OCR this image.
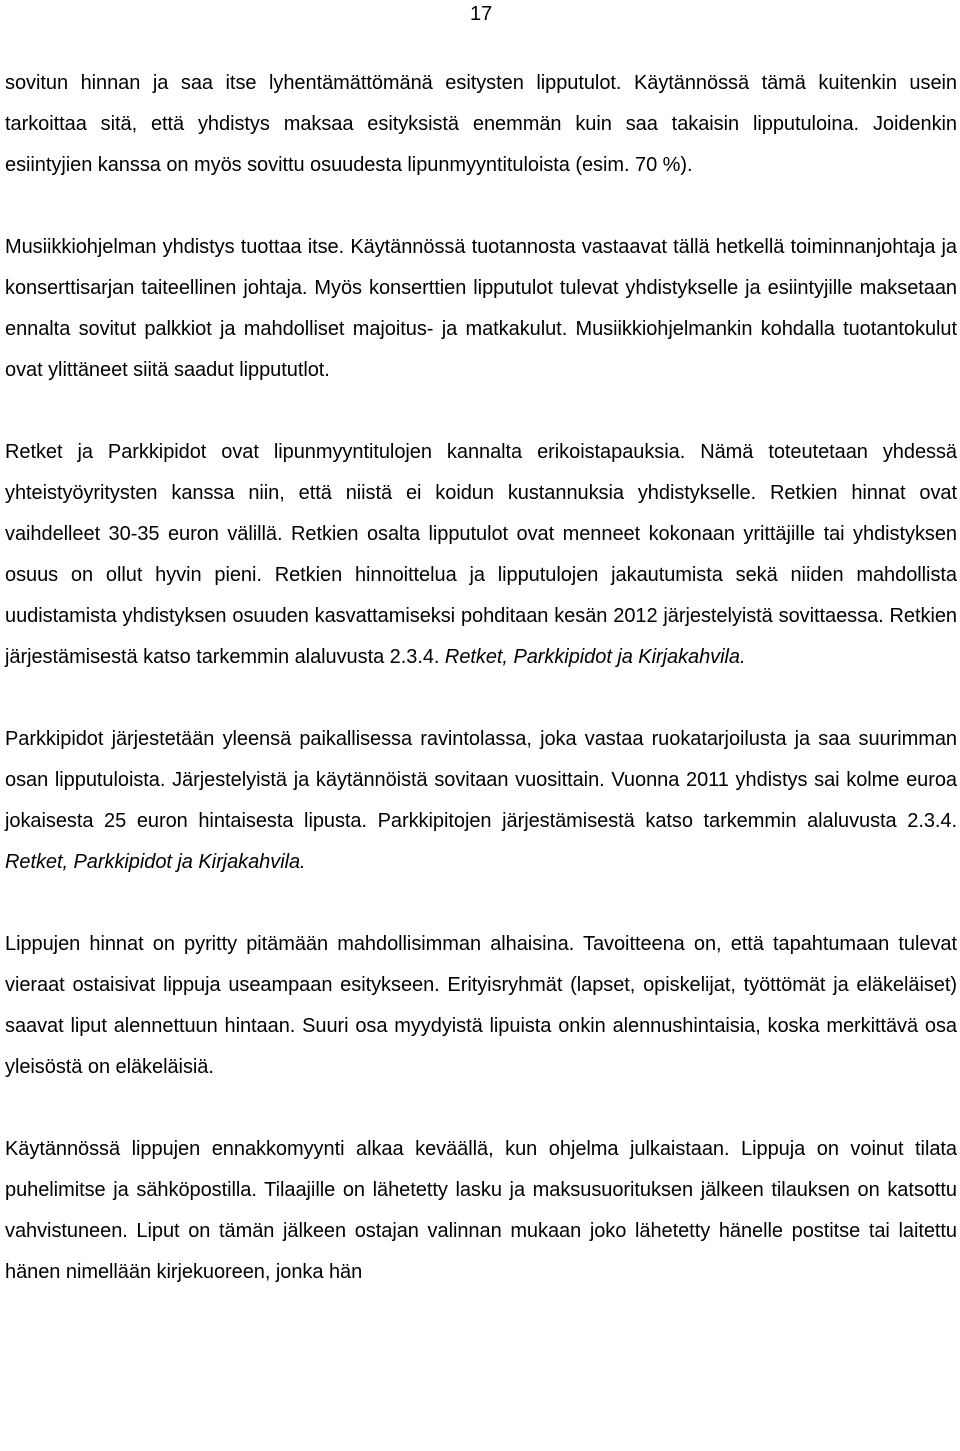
17

sovitun hinnan ja saa itse lyhentämättömänä esitysten lipputulot. Käytännössä tämä kuitenkin usein tarkoittaa sitä, että yhdistys maksaa esityksistä enemmän kuin saa takaisin lipputuloina. Joidenkin esiintyjien kanssa on myös sovittu osuudesta lipunmyyntituloista (esim. 70 %).

Musiikkiohjelman yhdistys tuottaa itse. Käytännössä tuotannosta vastaavat tällä hetkellä toiminnanjohtaja ja konserttisarjan taiteellinen johtaja. Myös konserttien lipputulot tulevat yhdistykselle ja esiintyjille maksetaan ennalta sovitut palkkiot ja mahdolliset majoitus- ja matkakulut. Musiikkiohjelmankin kohdalla tuotantokulut ovat ylittäneet siitä saadut lippututlot.

Retket ja Parkkipidot ovat lipunmyyntitulojen kannalta erikoistapauksia. Nämä toteutetaan yhdessä yhteistyöyritysten kanssa niin, että niistä ei koidun kustannuksia yhdistykselle. Retkien hinnat ovat vaihdelleet 30-35 euron välillä. Retkien osalta lipputulot ovat menneet kokonaan yrittäjille tai yhdistyksen osuus on ollut hyvin pieni. Retkien hinnoittelua ja lipputulojen jakautumista sekä niiden mahdollista uudistamista yhdistyksen osuuden kasvattamiseksi pohditaan kesän 2012 järjestelyistä sovittaessa. Retkien järjestämisestä katso tarkemmin alaluvusta 2.3.4. Retket, Parkkipidot ja Kirjakahvila.

Parkkipidot järjestetään yleensä paikallisessa ravintolassa, joka vastaa ruokatarjoilusta ja saa suurimman osan lipputuloista. Järjestelyistä ja käytännöistä sovitaan vuosittain. Vuonna 2011 yhdistys sai kolme euroa jokaisesta 25 euron hintaisesta lipusta. Parkkipitojen järjestämisestä katso tarkemmin alaluvusta 2.3.4. Retket, Parkkipidot ja Kirjakahvila.

Lippujen hinnat on pyritty pitämään mahdollisimman alhaisina. Tavoitteena on, että tapahtumaan tulevat vieraat ostaisivat lippuja useampaan esitykseen. Erityisryhmät (lapset, opiskelijat, työttömät ja eläkeläiset) saavat liput alennettuun hintaan. Suuri osa myydyistä lipuista onkin alennushintaisia, koska merkittävä osa yleisöstä on eläkeläisiä.

Käytännössä lippujen ennakkomyynti alkaa keväällä, kun ohjelma julkaistaan. Lippuja on voinut tilata puhelimitse ja sähköpostilla. Tilaajille on lähetetty lasku ja maksusuorituksen jälkeen tilauksen on katsottu vahvistuneen. Liput on tämän jälkeen ostajan valinnan mukaan joko lähetetty hänelle postitse tai laitettu hänen nimellään kirjekuoreen, jonka hän
